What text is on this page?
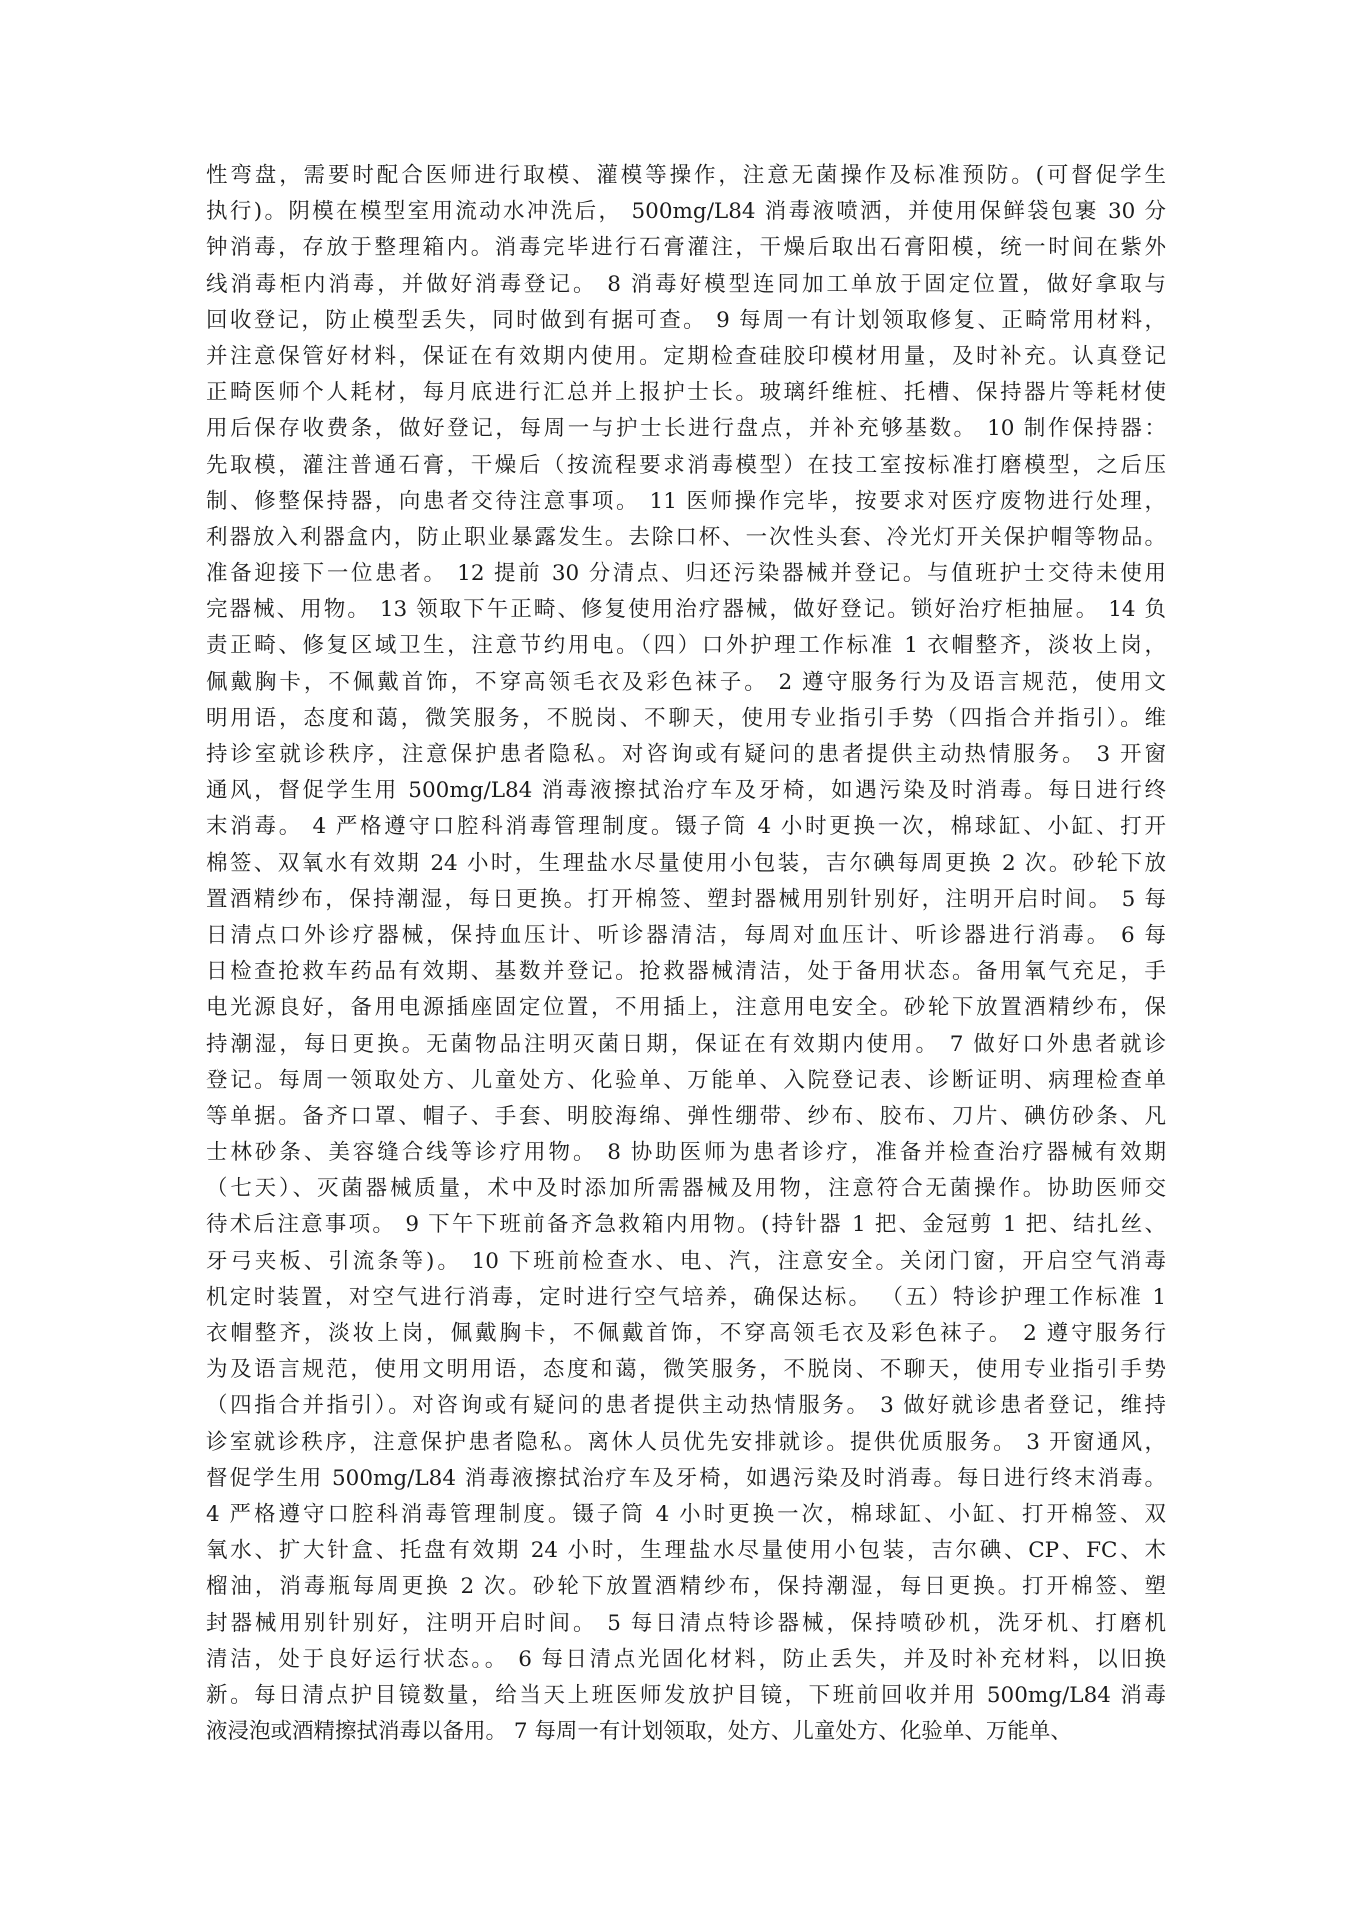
性弯盘，需要时配合医师进行取模、灌模等操作，注意无菌操作及标准预防。(可督促学生
执行)。阴模在模型室用流动水冲洗后， 500mg/L84 消毒液喷洒，并使用保鲜袋包裹 30 分
钟消毒，存放于整理箱内。消毒完毕进行石膏灌注，干燥后取出石膏阳模，统一时间在紫外
线消毒柜内消毒，并做好消毒登记。 8 消毒好模型连同加工单放于固定位置，做好拿取与
回收登记，防止模型丢失，同时做到有据可查。 9 每周一有计划领取修复、正畸常用材料，
并注意保管好材料，保证在有效期内使用。定期检查硅胶印模材用量，及时补充。认真登记
正畸医师个人耗材，每月底进行汇总并上报护士长。玻璃纤维桩、托槽、保持器片等耗材使
用后保存收费条，做好登记，每周一与护士长进行盘点，并补充够基数。 10 制作保持器：
先取模，灌注普通石膏，干燥后（按流程要求消毒模型）在技工室按标准打磨模型，之后压
制、修整保持器，向患者交待注意事项。 11 医师操作完毕，按要求对医疗废物进行处理，
利器放入利器盒内，防止职业暴露发生。去除口杯、一次性头套、冷光灯开关保护帽等物品。
准备迎接下一位患者。 12 提前 30 分清点、归还污染器械并登记。与值班护士交待未使用
完器械、用物。 13 领取下午正畸、修复使用治疗器械，做好登记。锁好治疗柜抽屉。 14 负
责正畸、修复区域卫生，注意节约用电。（四）口外护理工作标准 1 衣帽整齐，淡妆上岗，
佩戴胸卡，不佩戴首饰，不穿高领毛衣及彩色袜子。 2 遵守服务行为及语言规范，使用文
明用语，态度和蔼，微笑服务，不脱岗、不聊天，使用专业指引手势（四指合并指引）。维
持诊室就诊秩序，注意保护患者隐私。对咨询或有疑问的患者提供主动热情服务。 3 开窗
通风，督促学生用 500mg/L84 消毒液擦拭治疗车及牙椅，如遇污染及时消毒。每日进行终
末消毒。 4 严格遵守口腔科消毒管理制度。镊子筒 4 小时更换一次，棉球缸、小缸、打开
棉签、双氧水有效期 24 小时，生理盐水尽量使用小包装，吉尔碘每周更换 2 次。砂轮下放
置酒精纱布，保持潮湿，每日更换。打开棉签、塑封器械用别针别好，注明开启时间。 5 每
日清点口外诊疗器械，保持血压计、听诊器清洁，每周对血压计、听诊器进行消毒。 6 每
日检查抢救车药品有效期、基数并登记。抢救器械清洁，处于备用状态。备用氧气充足，手
电光源良好，备用电源插座固定位置，不用插上，注意用电安全。砂轮下放置酒精纱布，保
持潮湿，每日更换。无菌物品注明灭菌日期，保证在有效期内使用。 7 做好口外患者就诊
登记。每周一领取处方、儿童处方、化验单、万能单、入院登记表、诊断证明、病理检查单
等单据。备齐口罩、帽子、手套、明胶海绵、弹性绷带、纱布、胶布、刀片、碘仿砂条、凡
士林砂条、美容缝合线等诊疗用物。 8 协助医师为患者诊疗，准备并检查治疗器械有效期
（七天）、灭菌器械质量，术中及时添加所需器械及用物，注意符合无菌操作。协助医师交
待术后注意事项。 9 下午下班前备齐急救箱内用物。(持针器 1 把、金冠剪 1 把、结扎丝、
牙弓夹板、引流条等)。 10 下班前检查水、电、汽，注意安全。关闭门窗，开启空气消毒
机定时装置，对空气进行消毒，定时进行空气培养，确保达标。 （五）特诊护理工作标准 1
衣帽整齐，淡妆上岗，佩戴胸卡，不佩戴首饰，不穿高领毛衣及彩色袜子。 2 遵守服务行
为及语言规范，使用文明用语，态度和蔼，微笑服务，不脱岗、不聊天，使用专业指引手势
（四指合并指引）。对咨询或有疑问的患者提供主动热情服务。 3 做好就诊患者登记，维持
诊室就诊秩序，注意保护患者隐私。离休人员优先安排就诊。提供优质服务。 3 开窗通风，
督促学生用 500mg/L84 消毒液擦拭治疗车及牙椅，如遇污染及时消毒。每日进行终末消毒。
4 严格遵守口腔科消毒管理制度。镊子筒 4 小时更换一次，棉球缸、小缸、打开棉签、双
氧水、扩大针盒、托盘有效期 24 小时，生理盐水尽量使用小包装，吉尔碘、CP、FC、木
榴油，消毒瓶每周更换 2 次。砂轮下放置酒精纱布，保持潮湿，每日更换。打开棉签、塑
封器械用别针别好，注明开启时间。 5 每日清点特诊器械，保持喷砂机，洗牙机、打磨机
清洁，处于良好运行状态。。 6 每日清点光固化材料，防止丢失，并及时补充材料，以旧换
新。每日清点护目镜数量，给当天上班医师发放护目镜，下班前回收并用 500mg/L84 消毒
液浸泡或酒精擦拭消毒以备用。 7 每周一有计划领取，处方、儿童处方、化验单、万能单、
